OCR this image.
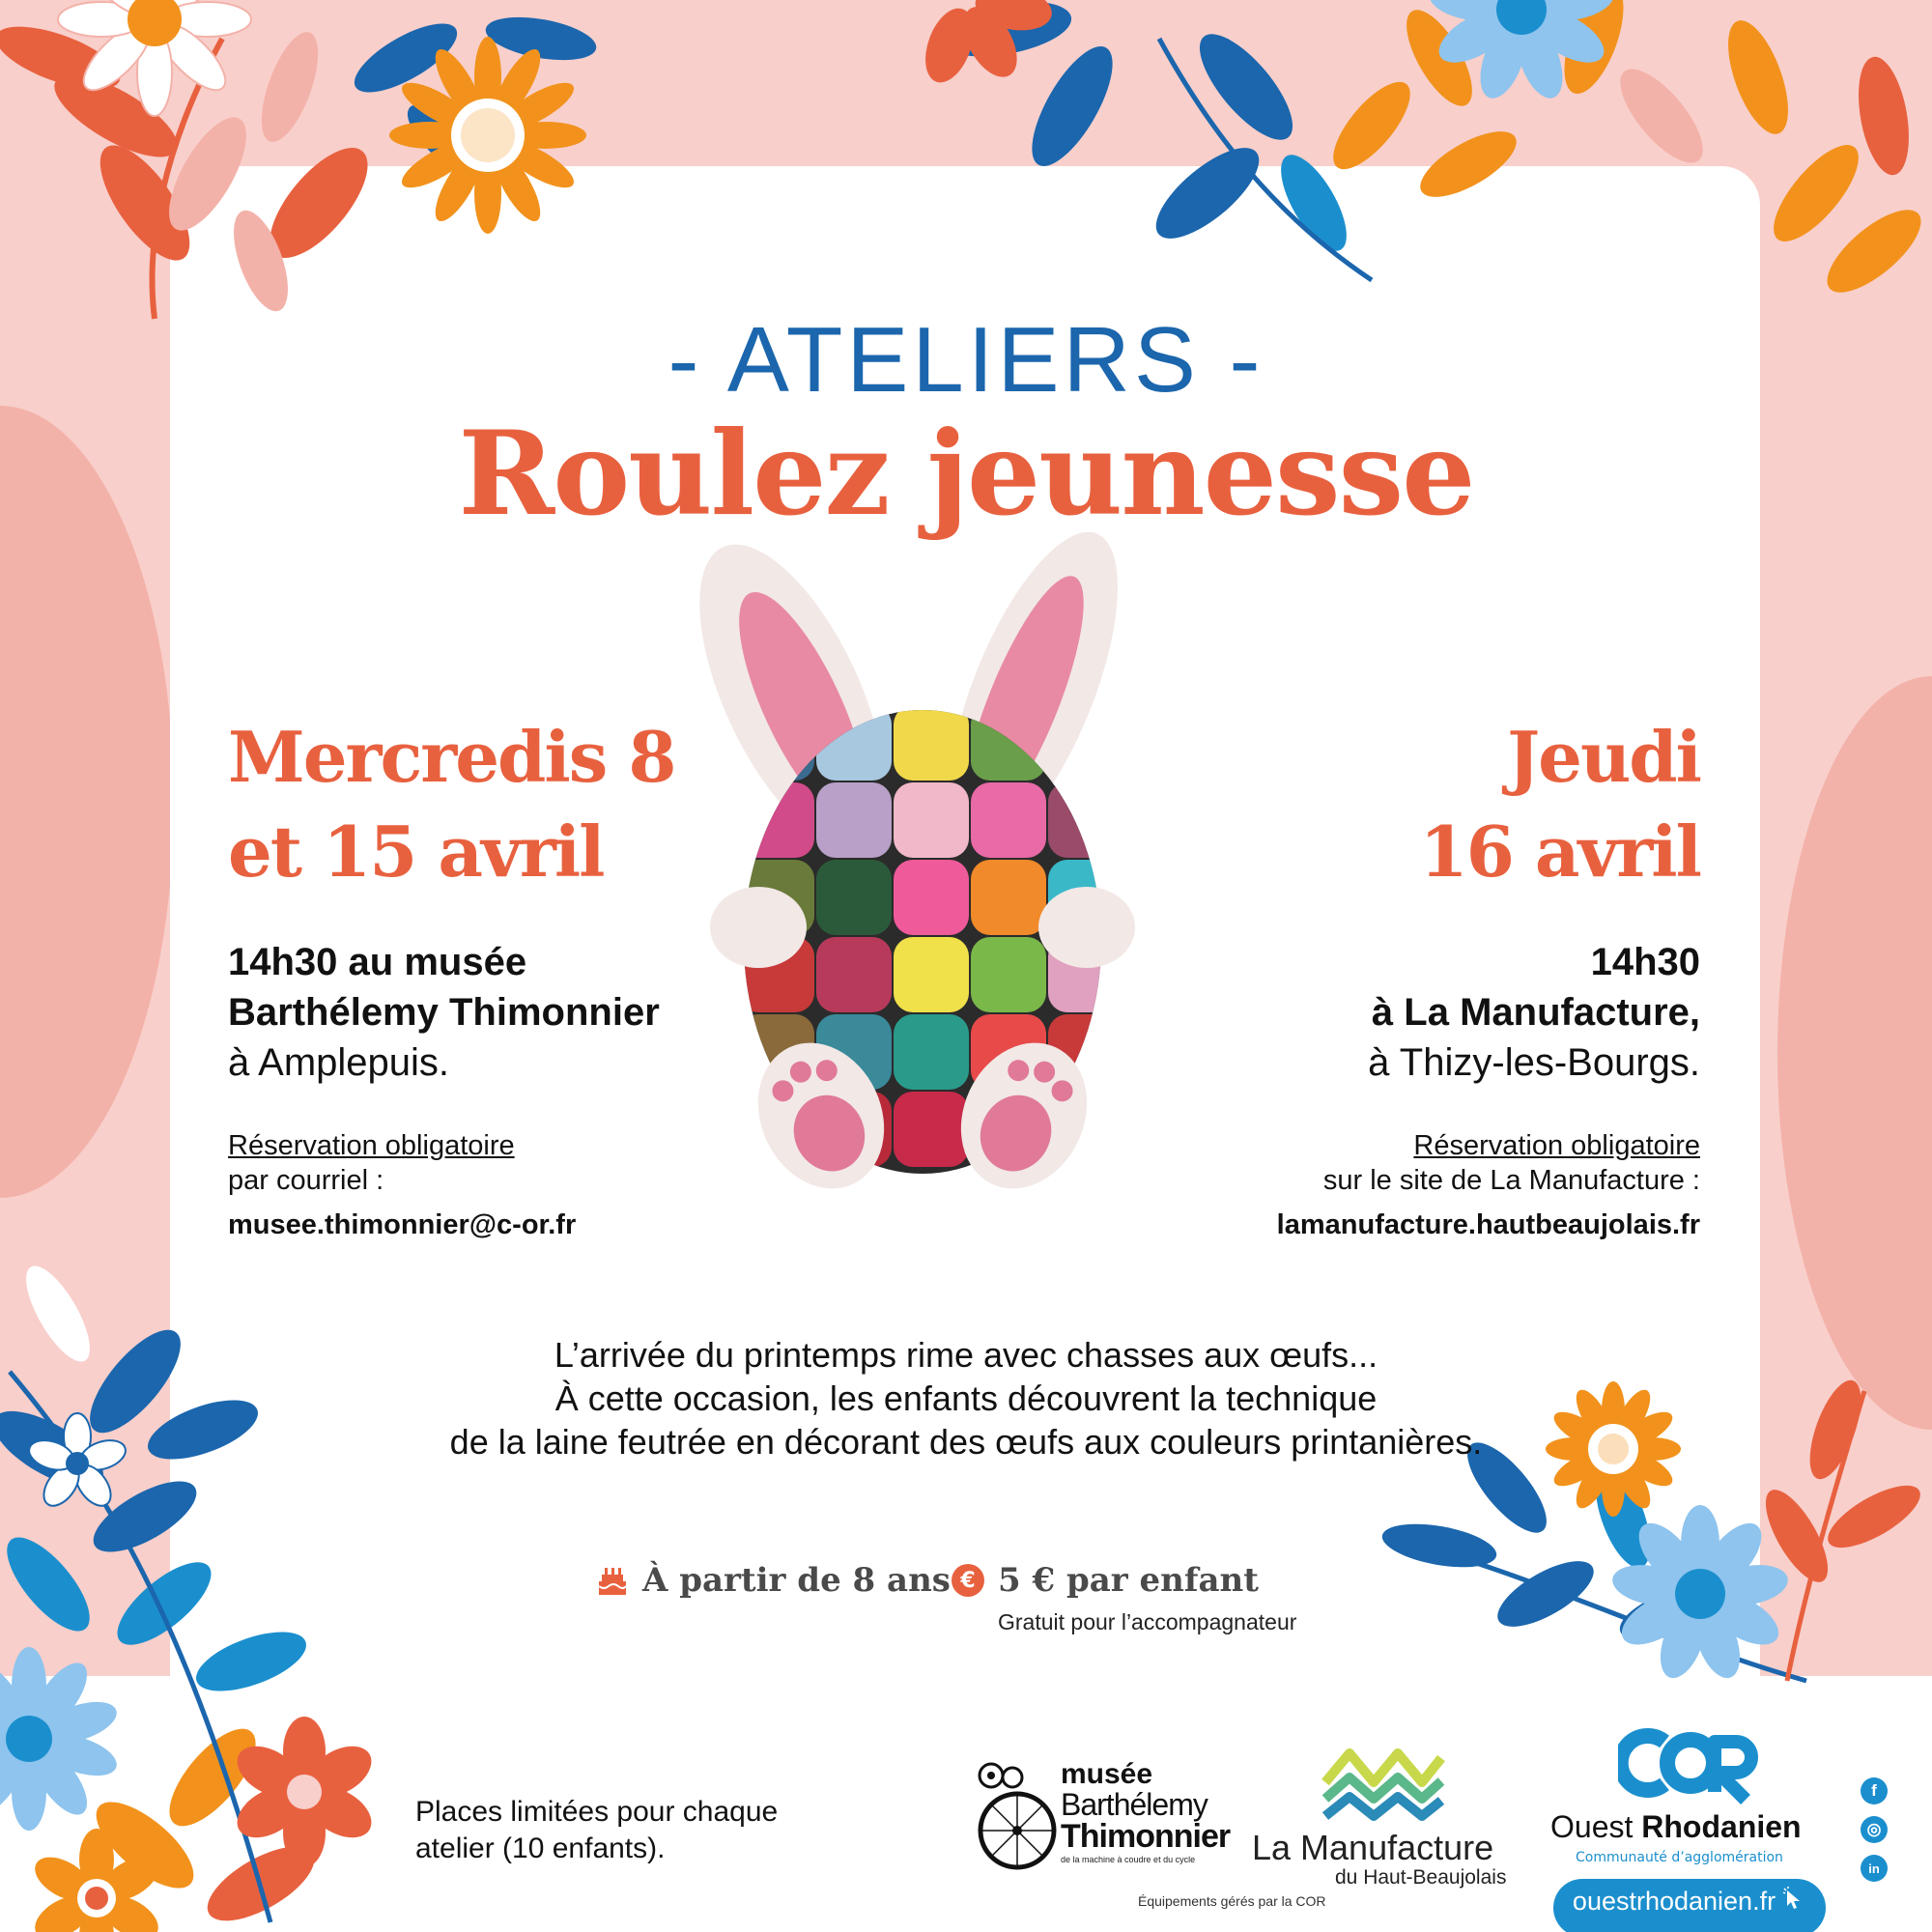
- ATELIERS -
Roulez jeunesse
Mercredis 8
et 15 avril
14h30 au musée
Barthélemy Thimonnier
à Amplepuis.
Réservation obligatoire
par courriel :
musee.thimonnier@c-or.fr
Jeudi
16 avril
14h30
à La Manufacture,
à Thizy-les-Bourgs.
Réservation obligatoire
sur le site de La Manufacture :
lamanufacture.hautbeaujolais.fr
L’arrivée du printemps rime avec chasses aux œufs...
À cette occasion, les enfants découvrent la technique
de la laine feutrée en décorant des œufs aux couleurs printanières.
À partir de 8 ans € 5 € par enfant
Gratuit pour l’accompagnateur
Places limitées pour chaque
atelier (10 enfants).
musée
Barthélemy
Thimonnier
de la machine à coudre et du cycle La Manufacture
du Haut-Beaujolais
Équipements gérés par la COR
Ouest Rhodanien
Communauté d’agglomération
ouestrhodanien.fr
f
◎
in
